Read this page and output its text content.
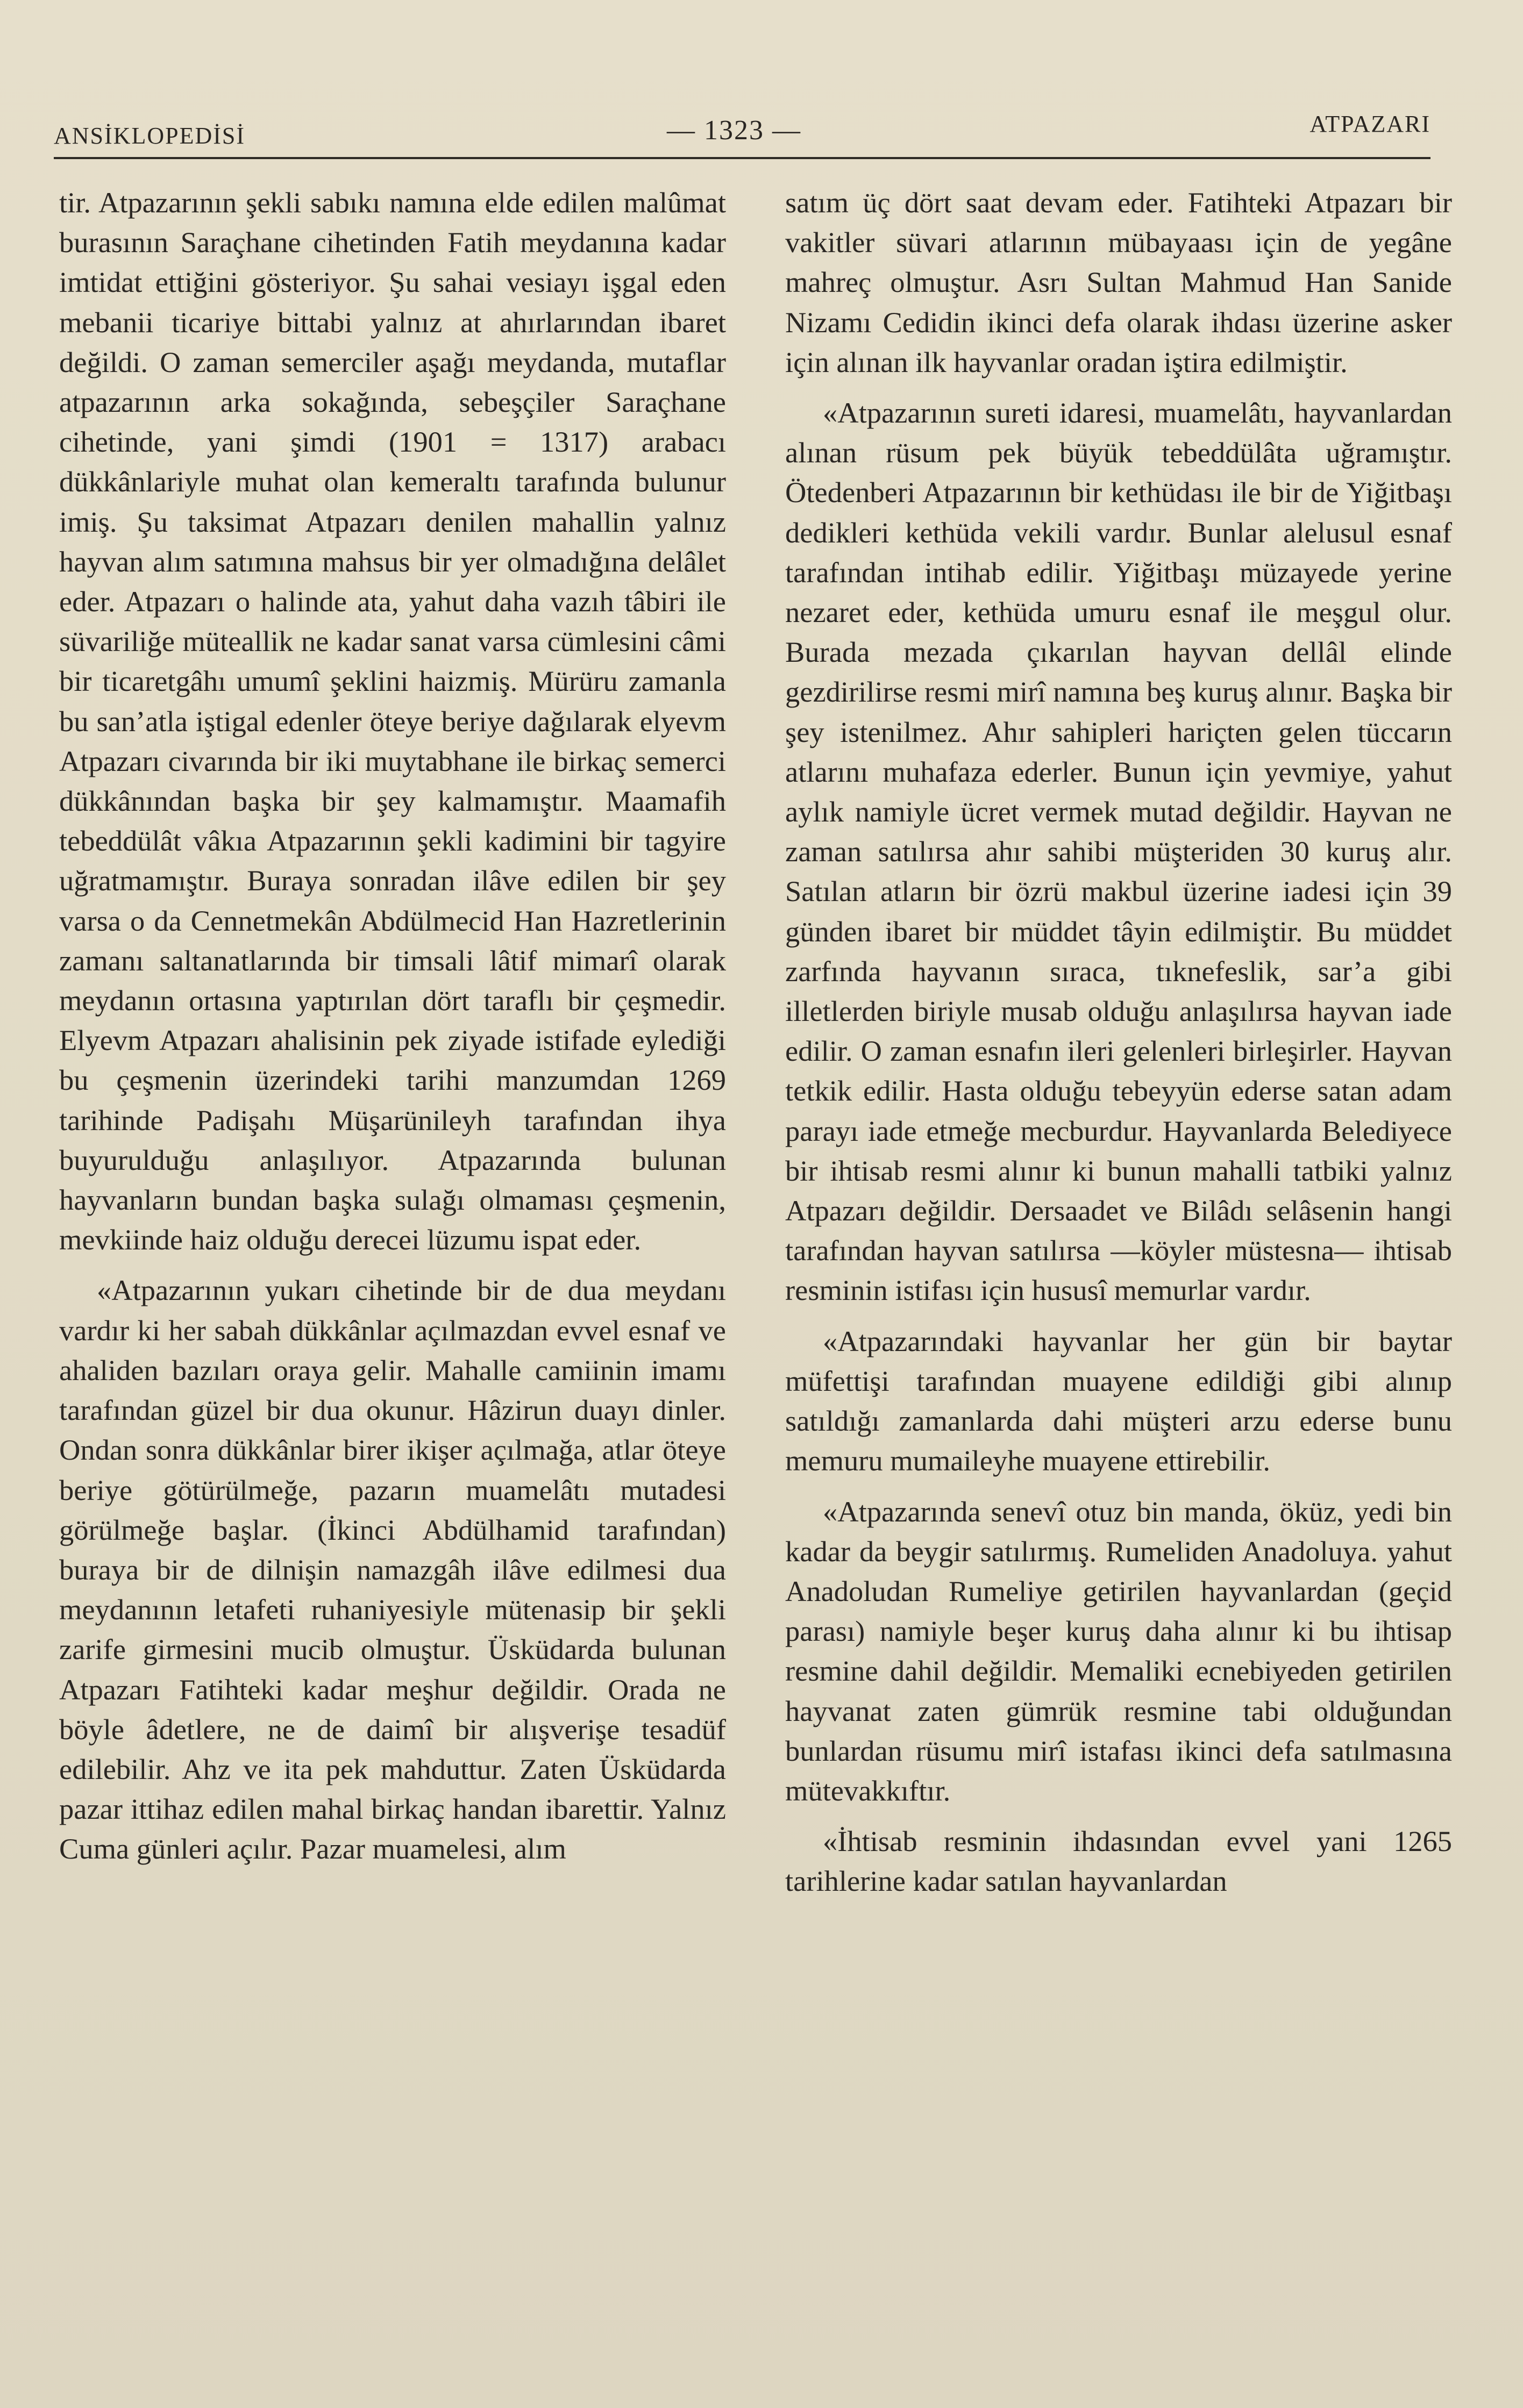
ANSİKLOPEDİSİ	— 1323 —	ATPAZARI

tir. Atpazarının şekli sabıkı namına elde edilen malûmat burasının Saraçhane cihetinden Fatih meydanına kadar imtidat ettiğini gösteriyor. Şu sahai vesiayı işgal eden mebanii ticariye bittabi yalnız at ahırlarından ibaret değildi. O zaman semerciler aşağı meydanda, mutaflar atpazarının arka sokağında, sebeşçiler Saraçhane cihetinde, yani şimdi (1901 = 1317) arabacı dükkânlariyle muhat olan kemeraltı tarafında bulunur imiş. Şu taksimat Atpazarı denilen mahallin yalnız hayvan alım satımına mahsus bir yer olmadığına delâlet eder. Atpazarı o halinde ata, yahut daha vazıh tâbiri ile süvariliğe müteallik ne kadar sanat varsa cümlesini câmi bir ticaretgâhı umumî şeklini haizmiş. Mürüru zamanla bu san’atla iştigal edenler öteye beriye dağılarak elyevm Atpazarı civarında bir iki muytabhane ile birkaç semerci dükkânından başka bir şey kalmamıştır. Maamafih tebeddülât vâkıa Atpazarının şekli kadimini bir tagyire uğratmamıştır. Buraya sonradan ilâve edilen bir şey varsa o da Cennetmekân Abdülmecid Han Hazretlerinin zamanı saltanatlarında bir timsali lâtif mimarî olarak meydanın ortasına yaptırılan dört taraflı bir çeşmedir. Elyevm Atpazarı ahalisinin pek ziyade istifade eylediği bu çeşmenin üzerindeki tarihi manzumdan 1269 tarihinde Padişahı Müşarünileyh tarafından ihya buyurulduğu anlaşılıyor. Atpazarında bulunan hayvanların bundan başka sulağı olmaması çeşmenin, mevkiinde haiz olduğu derecei lüzumu ispat eder.

«Atpazarının yukarı cihetinde bir de dua meydanı vardır ki her sabah dükkânlar açılmazdan evvel esnaf ve ahaliden bazıları oraya gelir. Mahalle camiinin imamı tarafından güzel bir dua okunur. Hâzirun duayı dinler. Ondan sonra dükkânlar birer ikişer açılmağa, atlar öteye beriye götürülmeğe, pazarın muamelâtı mutadesi görülmeğe başlar. (İkinci Abdülhamid tarafından) buraya bir de dilnişin namazgâh ilâve edilmesi dua meydanının letafeti ruhaniyesiyle mütenasip bir şekli zarife girmesini mucib olmuştur. Üsküdarda bulunan Atpazarı Fatihteki kadar meşhur değildir. Orada ne böyle âdetlere, ne de daimî bir alışverişe tesadüf edilebilir. Ahz ve ita pek mahduttur. Zaten Üsküdarda pazar ittihaz edilen mahal birkaç handan ibarettir. Yalnız Cuma günleri açılır. Pazar muamelesi, alım

satım üç dört saat devam eder. Fatihteki Atpazarı bir vakitler süvari atlarının mübayaası için de yegâne mahreç olmuştur. Asrı Sultan Mahmud Han Sanide Nizamı Cedidin ikinci defa olarak ihdası üzerine asker için alınan ilk hayvanlar oradan iştira edilmiştir.

«Atpazarının sureti idaresi, muamelâtı, hayvanlardan alınan rüsum pek büyük tebeddülâta uğramıştır. Ötedenberi Atpazarının bir kethüdası ile bir de Yiğitbaşı dedikleri kethüda vekili vardır. Bunlar alelusul esnaf tarafından intihab edilir. Yiğitbaşı müzayede yerine nezaret eder, kethüda umuru esnaf ile meşgul olur. Burada mezada çıkarılan hayvan dellâl elinde gezdirilirse resmi mirî namına beş kuruş alınır. Başka bir şey istenilmez. Ahır sahipleri hariçten gelen tüccarın atlarını muhafaza ederler. Bunun için yevmiye, yahut aylık namiyle ücret vermek mutad değildir. Hayvan ne zaman satılırsa ahır sahibi müşteriden 30 kuruş alır. Satılan atların bir özrü makbul üzerine iadesi için 39 günden ibaret bir müddet tâyin edilmiştir. Bu müddet zarfında hayvanın sıraca, tıknefeslik, sar’a gibi illetlerden biriyle musab olduğu anlaşılırsa hayvan iade edilir. O zaman esnafın ileri gelenleri birleşirler. Hayvan tetkik edilir. Hasta olduğu tebeyyün ederse satan adam parayı iade etmeğe mecburdur. Hayvanlarda Belediyece bir ihtisab resmi alınır ki bunun mahalli tatbiki yalnız Atpazarı değildir. Dersaadet ve Bilâdı selâsenin hangi tarafından hayvan satılırsa —köyler müstesna— ihtisab resminin istifası için hususî memurlar vardır.

«Atpazarındaki hayvanlar her gün bir baytar müfettişi tarafından muayene edildiği gibi alınıp satıldığı zamanlarda dahi müşteri arzu ederse bunu memuru mumaileyhe muayene ettirebilir.

«Atpazarında senevî otuz bin manda, öküz, yedi bin kadar da beygir satılırmış. Rumeliden Anadoluya. yahut Anadoludan Rumeliye getirilen hayvanlardan (geçid parası) namiyle beşer kuruş daha alınır ki bu ihtisap resmine dahil değildir. Memaliki ecnebiyeden getirilen hayvanat zaten gümrük resmine tabi olduğundan bunlardan rüsumu mirî istafası ikinci defa satılmasına mütevakkıftır.

«İhtisab resminin ihdasından evvel yani 1265 tarihlerine kadar satılan hayvanlardan
